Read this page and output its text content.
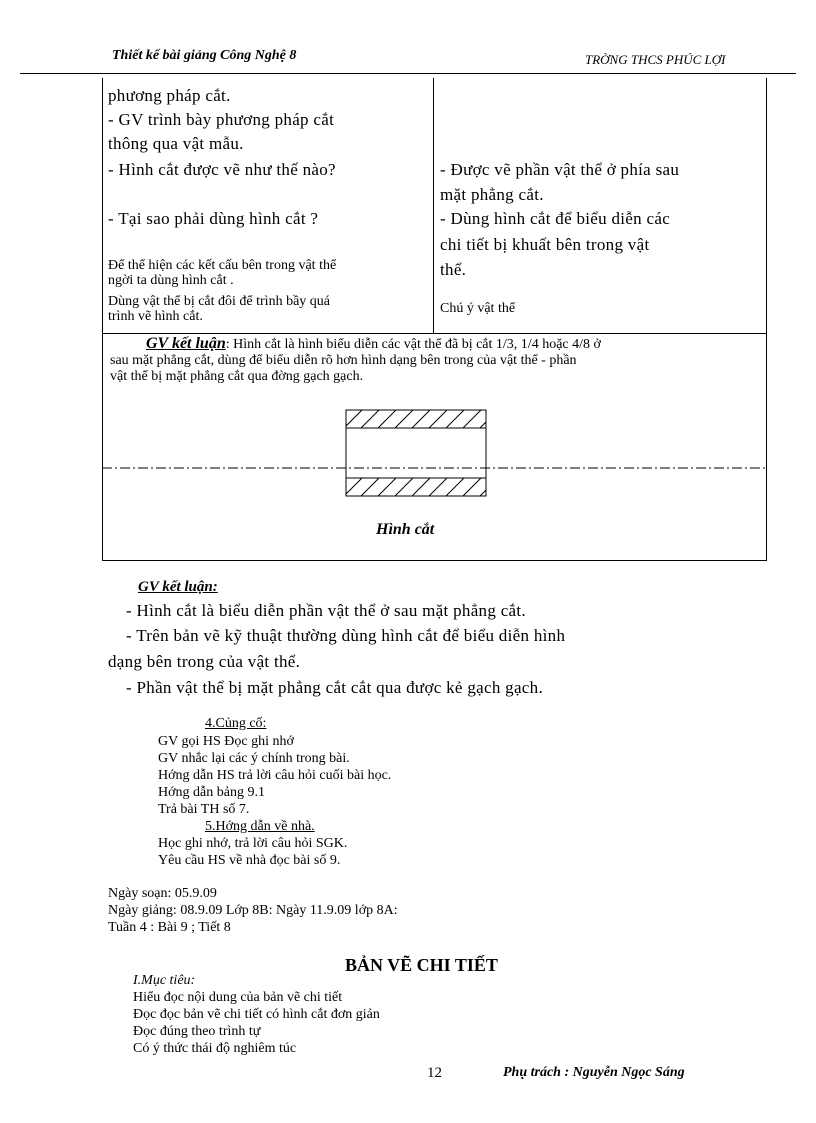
Thiết kế bài giảng Công Nghệ 8	TRỜNG THCS PHÚC LỢI
phương pháp cắt.
- GV trình bày phương pháp cắt
thông qua vật mẫu.
- Hình cắt được vẽ như thế nào?
- Tại sao phải dùng hình cắt ?
Để thể hiện các kết cấu bên trong vật thể
ngời ta dùng hình cắt .
Dùng vật thể bị cắt đôi để trình bầy quá
trình vẽ hình cắt.
- Được vẽ phần vật thể ở phía sau
mặt phẳng cắt.
- Dùng hình cắt để biểu diễn các
chi tiết bị khuất bên trong vật
thể.
Chú ý vật thể
GV kết luận: Hình cắt là hình biểu diễn các vật thể đã bị cắt 1/3, 1/4 hoặc 4/8 ở
sau mặt phẳng cắt, dùng để biểu diễn rõ hơn hình dạng bên trong của vật thể - phần
vật thể bị mặt phẳng cắt qua đờng gạch gạch.
Hình cắt
GV kết luận:
- Hình cắt là biểu diễn phần vật thể ở sau mặt phẳng cắt.
- Trên bản vẽ kỹ thuật thường dùng hình cắt để biểu diễn hình
dạng bên trong của vật thể.
- Phần vật thể bị mặt phẳng cắt cắt qua được kẻ gạch gạch.
4.Củng cố:
GV gọi HS Đọc ghi nhớ
GV nhắc lại các ý chính trong bài.
Hớng dẫn HS trả lời câu hỏi cuối bài học.
Hớng dẫn bảng 9.1
Trả bài TH số 7.
5.Hớng dẫn về nhà.
Học ghi nhớ, trả lời câu hỏi SGK.
Yêu cầu HS về nhà đọc bài số 9.
Ngày soạn: 05.9.09
Ngày giảng: 08.9.09 Lớp 8B: Ngày 11.9.09 lớp 8A:
Tuần 4 : Bài 9 ; Tiết 8
BẢN VẼ CHI TIẾT
I.Mục tiêu:
Hiểu đọc nội dung của bản vẽ chi tiết
Đọc đọc bản vẽ chi tiết có hình cắt đơn giản
Đọc đúng theo trình tự
Có ý thức thái độ nghiêm túc
12	Phụ trách : Nguyễn Ngọc Sáng
